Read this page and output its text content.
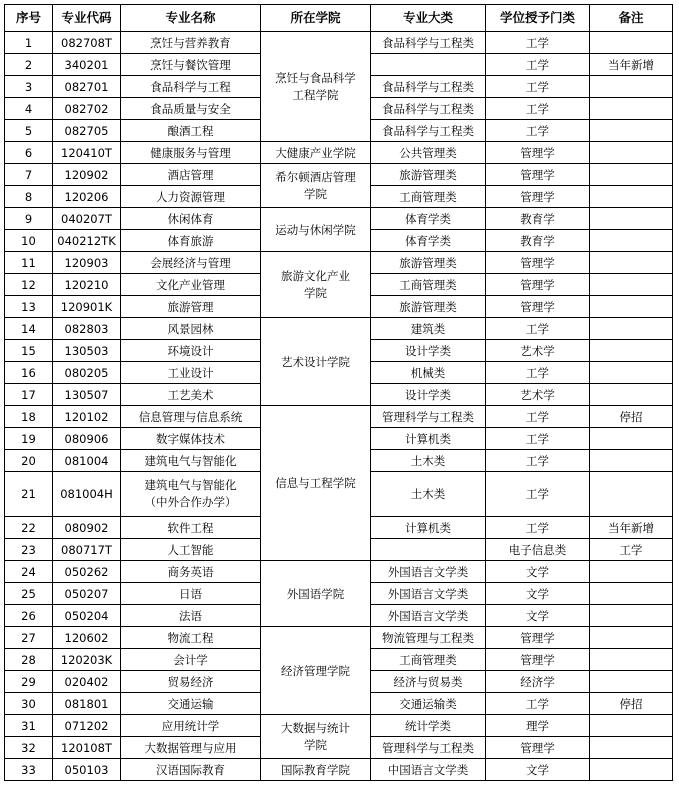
序号	专业代码	专业名称	所在学院	专业大类	学位授予门类	备注	
1	082708T	烹饪与营养教育	烹饪与食品科学
工程学院	食品科学与工程类	工学		
2	340201	烹饪与餐饮管理			工学	当年新增	
3	082701	食品科学与工程		食品科学与工程类	工学		
4	082702	食品质量与安全		食品科学与工程类	工学		
5	082705	酿酒工程		食品科学与工程类	工学		
6	120410T	健康服务与管理	大健康产业学院	公共管理类	管理学		
7	120902	酒店管理	希尔顿酒店管理
学院	旅游管理类	管理学		
8	120206	人力资源管理		工商管理类	管理学		
9	040207T	休闲体育	运动与休闲学院	体育学类	教育学		
10	040212TK	体育旅游		体育学类	教育学		
11	120903	会展经济与管理	旅游文化产业
学院	旅游管理类	管理学		
12	120210	文化产业管理		工商管理类	管理学		
13	120901K	旅游管理		旅游管理类	管理学		
14	082803	风景园林	艺术设计学院	建筑类	工学		
15	130503	环境设计		设计学类	艺术学		
16	080205	工业设计		机械类	工学		
17	130507	工艺美术		设计学类	艺术学		
18	120102	信息管理与信息系统	信息与工程学院	管理科学与工程类	工学	停招	
19	080906	数字媒体技术		计算机类	工学		
20	081004	建筑电气与智能化		土木类	工学		
21	081004H	建筑电气与智能化
（中外合作办学）		土木类	工学		
22	080902	软件工程		计算机类	工学	当年新增	
23	080717T	人工智能			电子信息类	工学	
24	050262	商务英语	外国语学院	外国语言文学类	文学		
25	050207	日语		外国语言文学类	文学		
26	050204	法语		外国语言文学类	文学		
27	120602	物流工程	经济管理学院	物流管理与工程类	管理学		
28	120203K	会计学		工商管理类	管理学		
29	020402	贸易经济		经济与贸易类	经济学		
30	081801	交通运输		交通运输类	工学	停招	
31	071202	应用统计学	大数据与统计
学院	统计学类	理学		
32	120108T	大数据管理与应用		管理科学与工程类	管理学		
33	050103	汉语国际教育	国际教育学院	中国语言文学类	文学		
